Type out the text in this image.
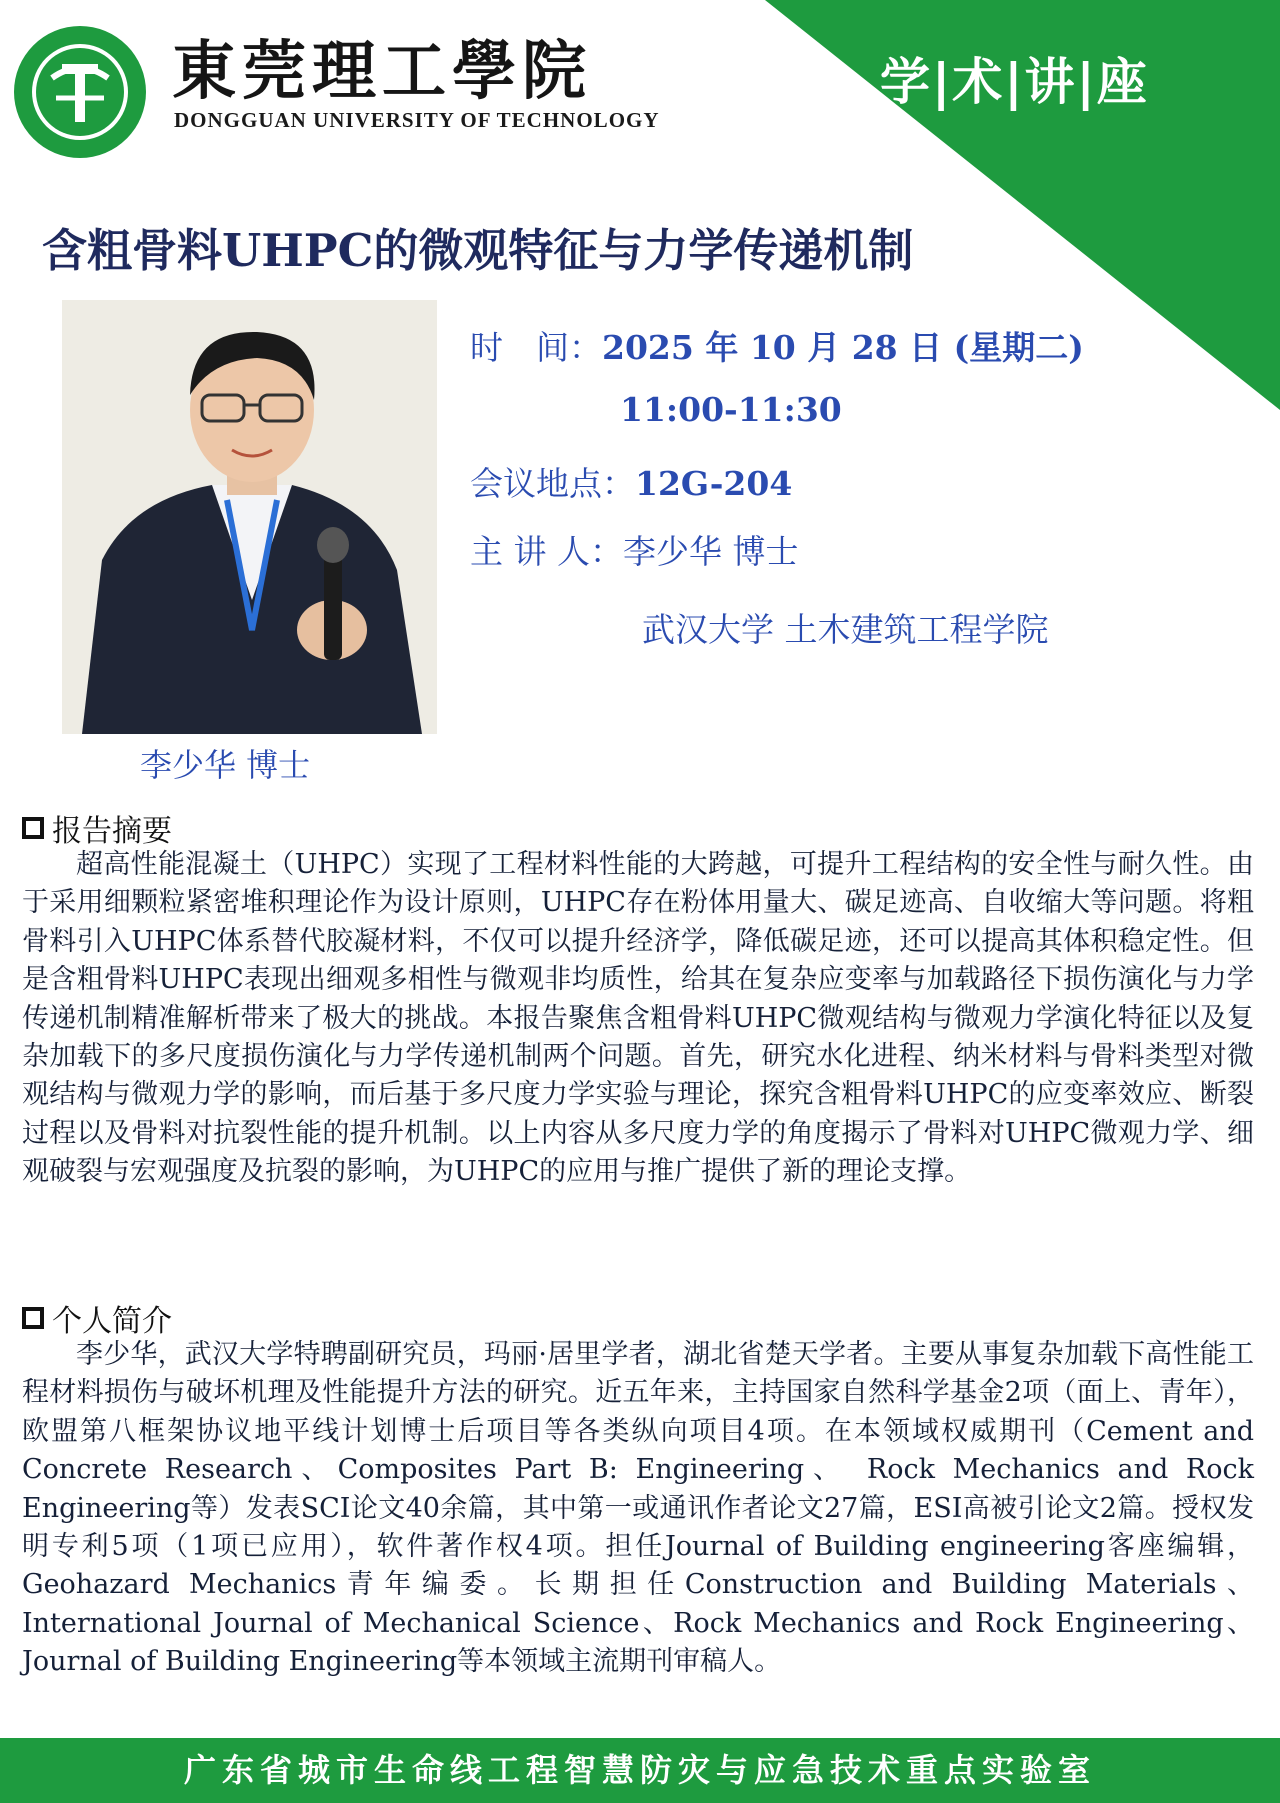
東莞理工學院
DONGGUAN UNIVERSITY OF TECHNOLOGY
学|术|讲|座
含粗骨料UHPC的微观特征与力学传递机制
李少华 博士
时　间：2025 年 10 月 28 日 (星期二)
11:00-11:30
会议地点：12G-204
主 讲 人：李少华 博士
武汉大学 土木建筑工程学院
报告摘要
超高性能混凝土（UHPC）实现了工程材料性能的大跨越，可提升工程结构的安全性与耐久性。由于采用细颗粒紧密堆积理论作为设计原则，UHPC存在粉体用量大、碳足迹高、自收缩大等问题。将粗骨料引入UHPC体系替代胶凝材料，不仅可以提升经济学，降低碳足迹，还可以提高其体积稳定性。但是含粗骨料UHPC表现出细观多相性与微观非均质性，给其在复杂应变率与加载路径下损伤演化与力学传递机制精准解析带来了极大的挑战。本报告聚焦含粗骨料UHPC微观结构与微观力学演化特征以及复杂加载下的多尺度损伤演化与力学传递机制两个问题。首先，研究水化进程、纳米材料与骨料类型对微观结构与微观力学的影响，而后基于多尺度力学实验与理论，探究含粗骨料UHPC的应变率效应、断裂过程以及骨料对抗裂性能的提升机制。以上内容从多尺度力学的角度揭示了骨料对UHPC微观力学、细观破裂与宏观强度及抗裂的影响，为UHPC的应用与推广提供了新的理论支撑。
个人简介
李少华，武汉大学特聘副研究员，玛丽·居里学者，湖北省楚天学者。主要从事复杂加载下高性能工程材料损伤与破坏机理及性能提升方法的研究。近五年来，主持国家自然科学基金2项（面上、青年），欧盟第八框架协议地平线计划博士后项目等各类纵向项目4项。在本领域权威期刊（Cement and Concrete Research、Composites Part B: Engineering、 Rock Mechanics and Rock Engineering等）发表SCI论文40余篇，其中第一或通讯作者论文27篇，ESI高被引论文2篇。授权发明专利5项（1项已应用），软件著作权4项。担任Journal of Building engineering客座编辑，Geohazard Mechanics青年编委。长期担任Construction and Building Materials、International Journal of Mechanical Science、Rock Mechanics and Rock Engineering、Journal of Building Engineering等本领域主流期刊审稿人。
广东省城市生命线工程智慧防灾与应急技术重点实验室
